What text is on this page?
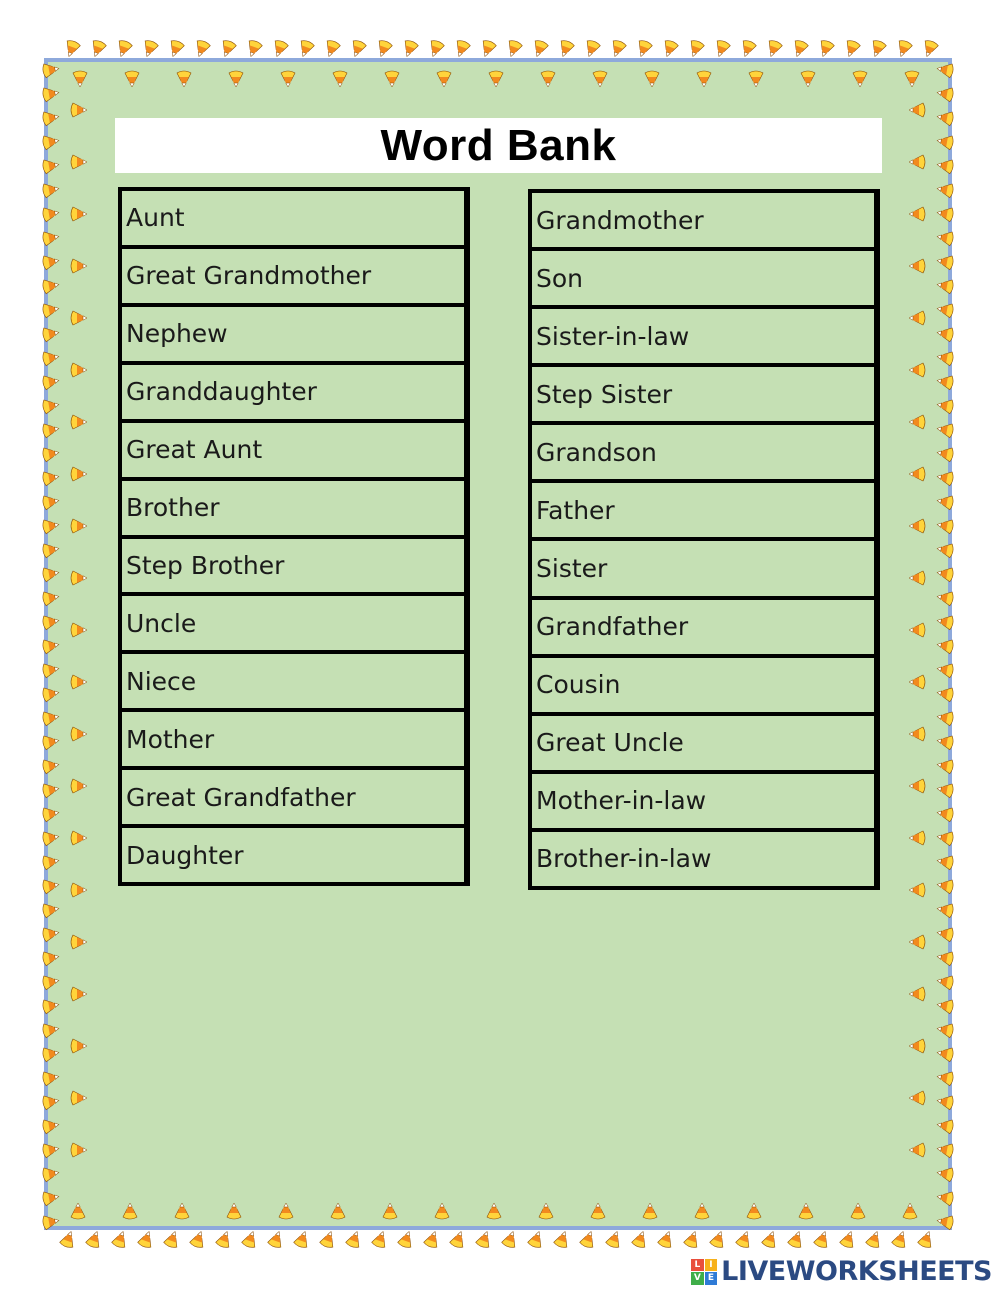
Word Bank
Aunt
Great Grandmother
Nephew
Granddaughter
Great Aunt
Brother
Step Brother
Uncle
Niece
Mother
Great Grandfather
Daughter
Grandmother
Son
Sister-in-law
Step Sister
Grandson
Father
Sister
Grandfather
Cousin
Great Uncle
Mother-in-law
Brother-in-law
L I
V E LIVEWORKSHEETS
